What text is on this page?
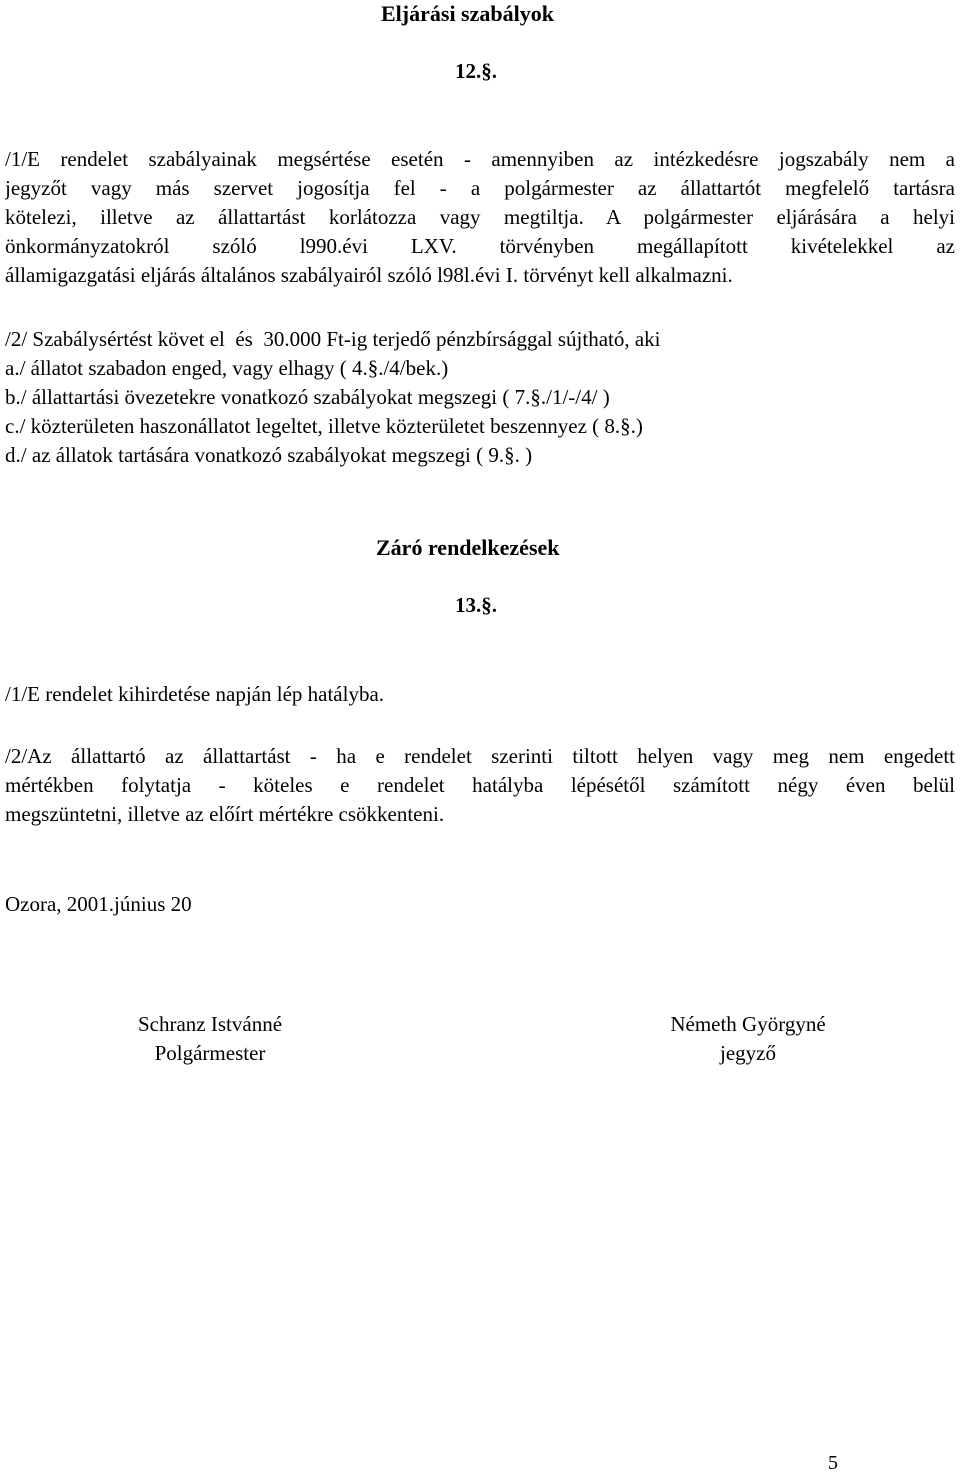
Eljárási szabályok
12.§.
/1/E rendelet szabályainak megsértése esetén - amennyiben az intézkedésre jogszabály nem a
jegyzőt vagy más szervet jogosítja fel - a polgármester az állattartót megfelelő tartásra
kötelezi, illetve az állattartást korlátozza vagy megtiltja. A polgármester eljárására a helyi
önkormányzatokról szóló l990.évi LXV. törvényben megállapított kivételekkel az
államigazgatási eljárás általános szabályairól szóló l98l.évi I. törvényt kell alkalmazni.
/2/ Szabálysértést követ el  és  30.000 Ft-ig terjedő pénzbírsággal sújtható, aki
a./ állatot szabadon enged, vagy elhagy ( 4.§./4/bek.)
b./ állattartási övezetekre vonatkozó szabályokat megszegi ( 7.§./1/-/4/ )
c./ közterületen haszonállatot legeltet, illetve közterületet beszennyez ( 8.§.)
d./ az állatok tartására vonatkozó szabályokat megszegi ( 9.§. )
Záró rendelkezések
13.§.
/1/E rendelet kihirdetése napján lép hatályba.
/2/Az állattartó az állattartást - ha e rendelet szerinti tiltott helyen vagy meg nem engedett
mértékben folytatja - köteles e rendelet hatályba lépésétől számított négy éven belül
megszüntetni, illetve az előírt mértékre csökkenteni.
Ozora, 2001.június 20
Schranz Istvánné
Polgármester
Németh Györgyné
jegyző
5
